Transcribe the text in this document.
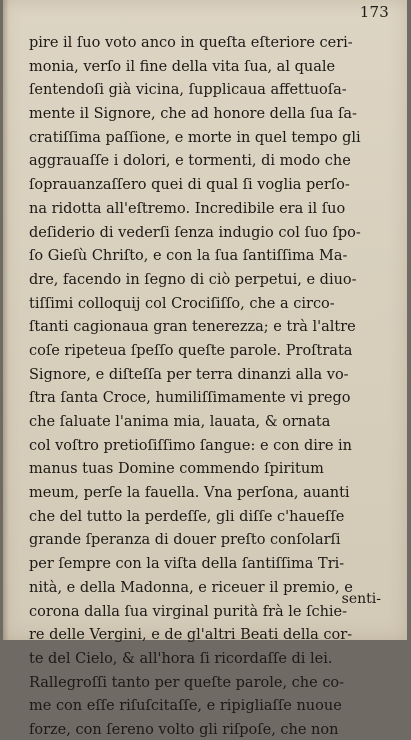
173
pire il ſuo voto anco in queſta eſteriore ceri-
monia, verſo il fine della vita ſua, al quale
ſentendoſi già vicina, ſupplicaua affettuoſa-
mente il Signore, che ad honore della ſua ſa-
cratiſſima paſſione, e morte in quel tempo gli
aggrauaſſe i dolori, e tormenti, di modo che
ſoprauanzaſſero quei di qual ſi voglia perſo-
na ridotta all'eſtremo. Incredibile era il ſuo
deſiderio di vederſi ſenza indugio col ſuo ſpo-
ſo Gieſù Chriſto, e con la ſua ſantiſſima Ma-
dre, facendo in ſegno di ciò perpetui, e diuo-
tiſſimi colloquij col Crociſiſſo, che a circo-
ſtanti cagionaua gran tenerezza; e trà l'altre
coſe ripeteua ſpeſſo queſte parole. Proſtrata
Signore, e diſteſſa per terra dinanzi alla vo-
ſtra ſanta Croce, humiliſſimamente vi prego
che ſaluate l'anima mia, lauata, & ornata
col voſtro pretioſiſſimo ſangue: e con dire in
manus tuas Domine commendo ſpiritum
meum, perſe la fauella. Vna perſona, auanti
che del tutto la perdeſſe, gli diſſe c'haueſſe
grande ſperanza di douer preſto conſolarſi
per ſempre con la viſta della ſantiſſima Tri-
nità, e della Madonna, e riceuer il premio, e
corona dalla ſua virginal purità frà le ſchie-
re delle Vergini, e de gl'altri Beati della cor-
te del Cielo, & all'hora ſi ricordaſſe di lei.
Rallegroſſi tanto per queſte parole, che co-
me con eſſe riſuſcitaſſe, e ripigliaſſe nuoue
forze, con ſereno volto gli riſpoſe, che non
senti-
